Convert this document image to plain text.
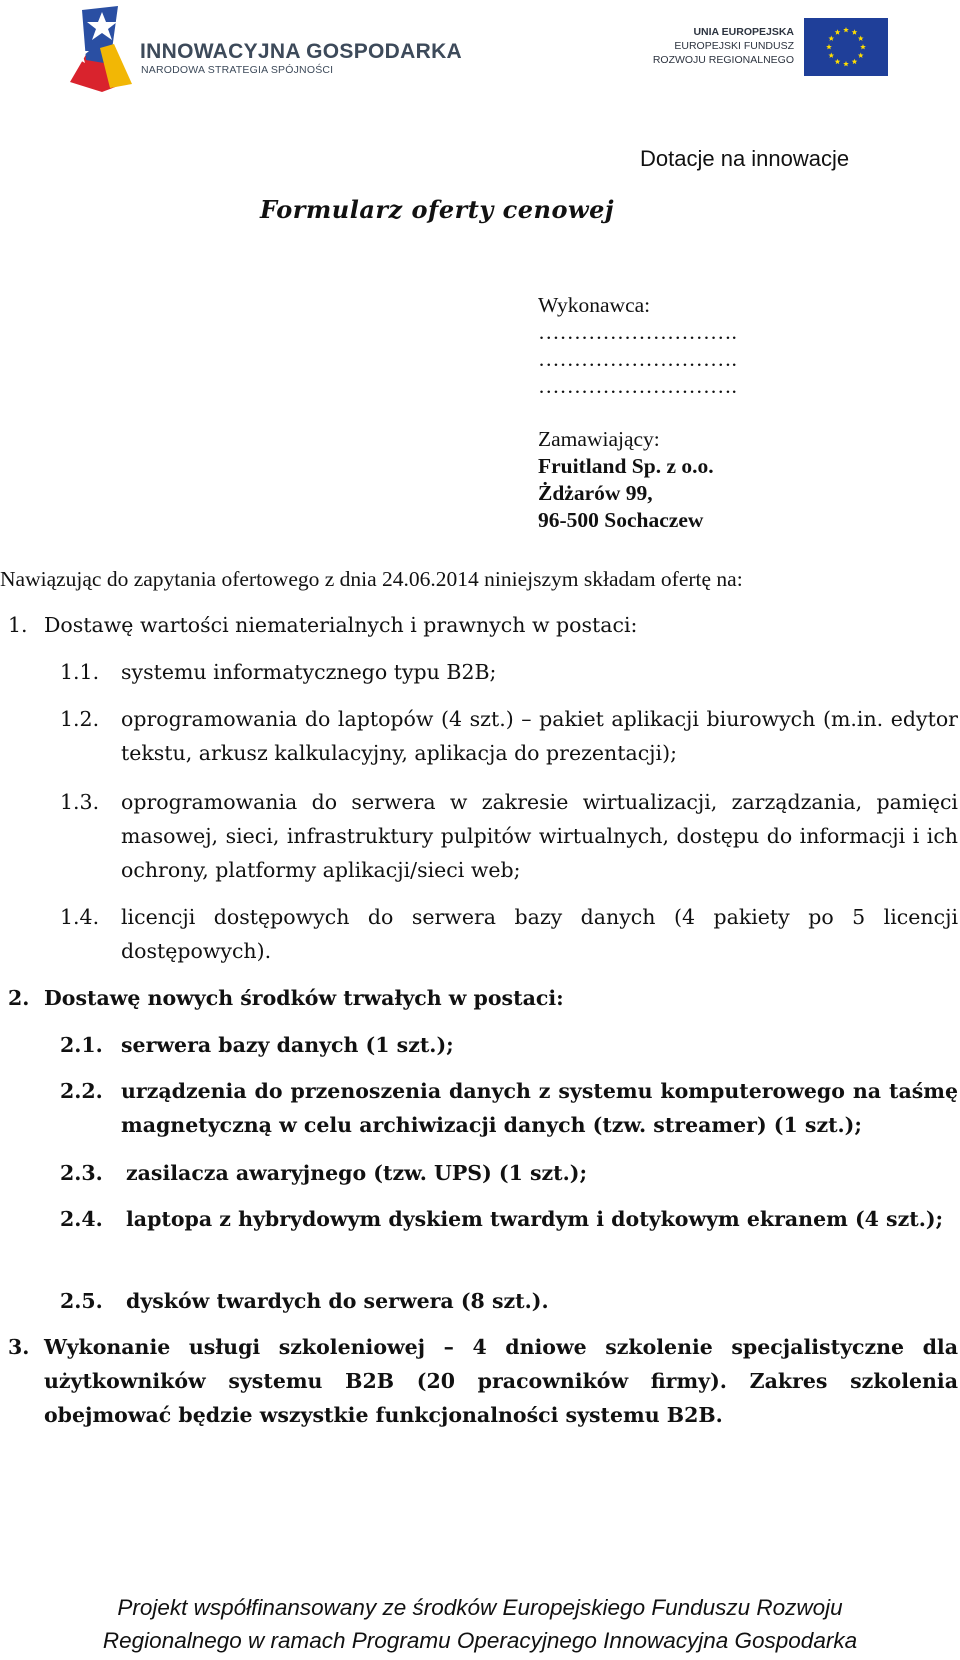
INNOWACYJNA GOSPODARKA
NARODOWA STRATEGIA SPÓJNOŚCI
UNIA EUROPEJSKA
EUROPEJSKI FUNDUSZ
ROZWOJU REGIONALNEGO
Dotacje na innowacje
Formularz oferty cenowej
Wykonawca:
……………………….
……………………….
……………………….
Zamawiający:
Fruitland Sp. z o.o.
Żdżarów 99,
96-500 Sochaczew
Nawiązując do zapytania ofertowego z dnia 24.06.2014 niniejszym składam ofertę na:
1. Dostawę wartości niematerialnych i prawnych w postaci:
1.1. systemu informatycznego typu B2B;
1.2. oprogramowania do laptopów (4 szt.) – pakiet aplikacji biurowych (m.in. edytor tekstu, arkusz kalkulacyjny, aplikacja do prezentacji);
1.3. oprogramowania do serwera w zakresie wirtualizacji, zarządzania, pamięci masowej, sieci, infrastruktury pulpitów wirtualnych, dostępu do informacji i ich ochrony, platformy aplikacji/sieci web;
1.4. licencji dostępowych do serwera bazy danych (4 pakiety po 5 licencji dostępowych).
2. Dostawę nowych środków trwałych w postaci:
2.1. serwera bazy danych (1 szt.);
2.2. urządzenia do przenoszenia danych z systemu komputerowego na taśmę magnetyczną w celu archiwizacji danych (tzw. streamer) (1 szt.);
2.3. zasilacza awaryjnego (tzw. UPS) (1 szt.);
2.4. laptopa z hybrydowym dyskiem twardym i dotykowym ekranem (4 szt.);
2.5. dysków twardych do serwera (8 szt.).
3. Wykonanie usługi szkoleniowej – 4 dniowe szkolenie specjalistyczne dla użytkowników systemu B2B (20 pracowników firmy). Zakres szkolenia obejmować będzie wszystkie funkcjonalności systemu B2B.
Projekt współfinansowany ze środków Europejskiego Funduszu Rozwoju
Regionalnego w ramach Programu Operacyjnego Innowacyjna Gospodarka
